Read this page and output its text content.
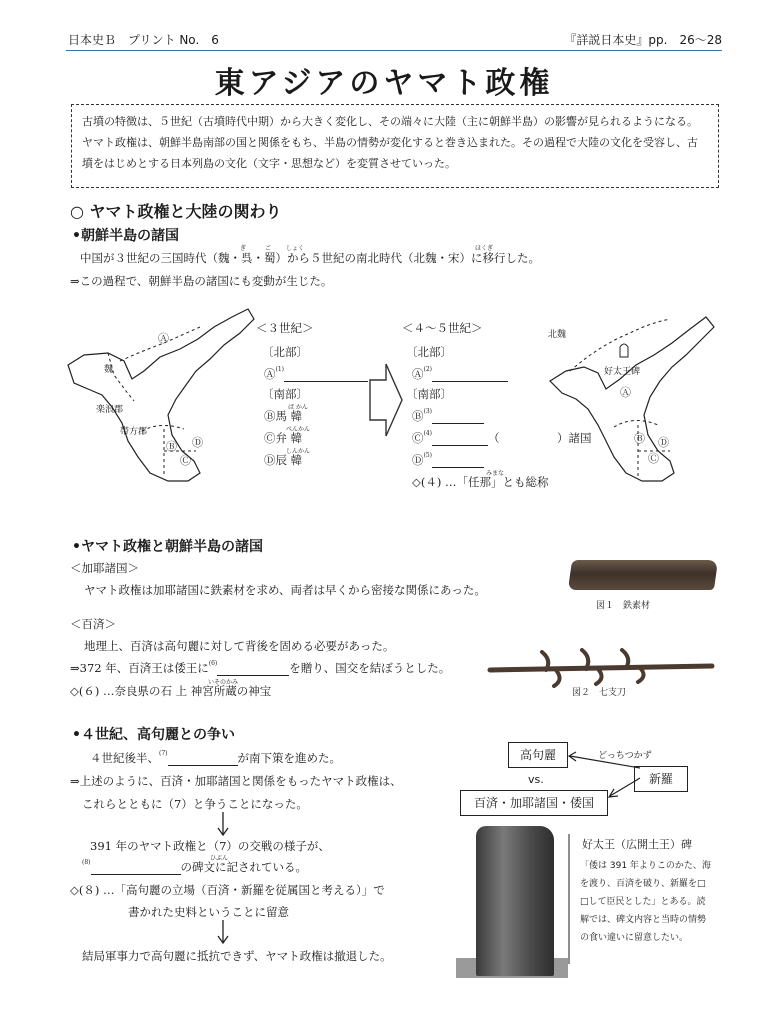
日本史Ｂ　プリント No.　6	『詳説日本史』pp.　26～28
東アジアのヤマト政権
古墳の特徴は、５世紀（古墳時代中期）から大きく変化し、その端々に大陸（主に朝鮮半島）の影響が見られるようになる。ヤマト政権は、朝鮮半島南部の国と関係をもち、半島の情勢が変化すると巻き込まれた。その過程で大陸の文化を受容し、古墳をはじめとする日本列島の文化（文字・思想など）を変質させていった。
○ ヤマト政権と大陸の関わり
•朝鮮半島の諸国
ぎ	ご しょく	ほくぎ
中国が３世紀の三国時代（魏・呉・蜀）から５世紀の南北時代（北魏・宋）に移行した。
⇒この過程で、朝鮮半島の諸国にも変動が生じた。
Ⓐ
魏
楽浪郡
帯方郡
Ⓑ Ⓓ
Ⓒ
＜３世紀＞
〔北部〕
Ⓐ$^{(1)}$
〔南部〕
ば かん
Ⓑ馬 韓
べんかん
Ⓒ弁 韓
しんかん
Ⓓ辰 韓
＜４～５世紀＞
〔北部〕
Ⓐ$^{(2)}$
〔南部〕
Ⓑ$^{(3)}$
Ⓒ$^{(4)}$	（　　　　　）諸国
Ⓓ$^{(5)}$
みまな
◇(４) …「任那」とも総称
北魏
好太王碑
Ⓐ
Ⓑ Ⓓ
Ⓒ
•ヤマト政権と朝鮮半島の諸国
＜加耶諸国＞
ヤマト政権は加耶諸国に鉄素材を求め、両者は早くから密接な関係にあった。
図１　鉄素材
＜百済＞
地理上、百済は高句麗に対して背後を固める必要があった。
⇒372 年、百済王は倭王に$^{(6)}$	を贈り、国交を結ぼうとした。
いそのかみ
◇(６) …奈良県の石 上 神宮所蔵の神宝	図２　七支刀
•４世紀、高句麗との争い
４世紀後半、$^{(7)}$	が南下策を進めた。
⇒上述のように、百済・加耶諸国と関係をもったヤマト政権は、
これらとともに（7）と争うことになった。
391 年のヤマト政権と（7）の交戦の様子が、
ひぶん
$^{(8)}$	の碑文に記されている。
◇(８) …「高句麗の立場（百済・新羅を従属国と考える）」で
書かれた史料ということに留意
結局軍事力で高句麗に抵抗できず、ヤマト政権は撤退した。
高句麗
vs.
百済・加耶諸国・倭国
新羅
どっちつかず
好太王（広開土王）碑
「倭は 391 年よりこのかた、海
を渡り、百済を破り、新羅を□
□して臣民とした」とある。読
解では、碑文内容と当時の情勢
の食い違いに留意したい。
